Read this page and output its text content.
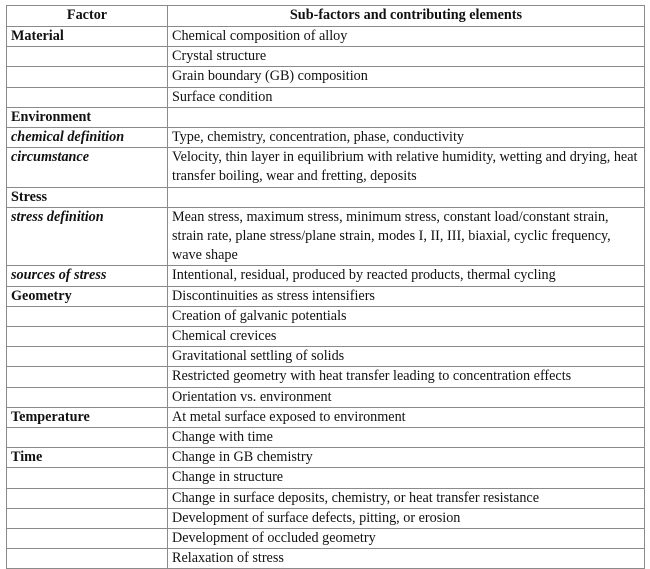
Factor	Sub-factors and contributing elements
Material	Chemical composition of alloy
	Crystal structure
	Grain boundary (GB) composition
	Surface condition
Environment	
chemical definition	Type, chemistry, concentration, phase, conductivity
circumstance	Velocity, thin layer in equilibrium with relative humidity, wetting and drying, heat transfer boiling, wear and fretting, deposits
Stress	
stress definition	Mean stress, maximum stress, minimum stress, constant load/constant strain, strain rate, plane stress/plane strain, modes I, II, III, biaxial, cyclic frequency, wave shape
sources of stress	Intentional, residual, produced by reacted products, thermal cycling
Geometry	Discontinuities as stress intensifiers
	Creation of galvanic potentials
	Chemical crevices
	Gravitational settling of solids
	Restricted geometry with heat transfer leading to concentration effects
	Orientation vs. environment
Temperature	At metal surface exposed to environment
	Change with time
Time	Change in GB chemistry
	Change in structure
	Change in surface deposits, chemistry, or heat transfer resistance
	Development of surface defects, pitting, or erosion
	Development of occluded geometry
	Relaxation of stress
